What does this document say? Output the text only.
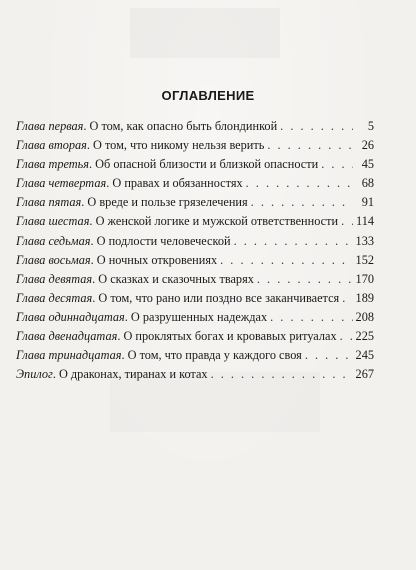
ОГЛАВЛЕНИЕ
Глава первая. О том, как опасно быть блондинкой . . .	5
Глава вторая. О том, что никому нельзя верить . . .	26
Глава третья. Об опасной близости и близкой опасности . . .	45
Глава четвертая. О правах и обязанностях . . .	68
Глава пятая. О вреде и пользе грязелечения . . .	91
Глава шестая. О женской логике и мужской ответственности . . . 114
Глава седьмая. О подлости человеческой . . .	133
Глава восьмая. О ночных откровениях . . .	152
Глава девятая. О сказках и сказочных тварях . . .	170
Глава десятая. О том, что рано или поздно все заканчивается . . . 189
Глава одиннадцатая. О разрушенных надеждах . . .	208
Глава двенадцатая. О проклятых богах и кровавых ритуалах . . . 225
Глава тринадцатая. О том, что правда у каждого своя . . .	245
Эпилог. О драконах, тиранах и котах . . .	267
